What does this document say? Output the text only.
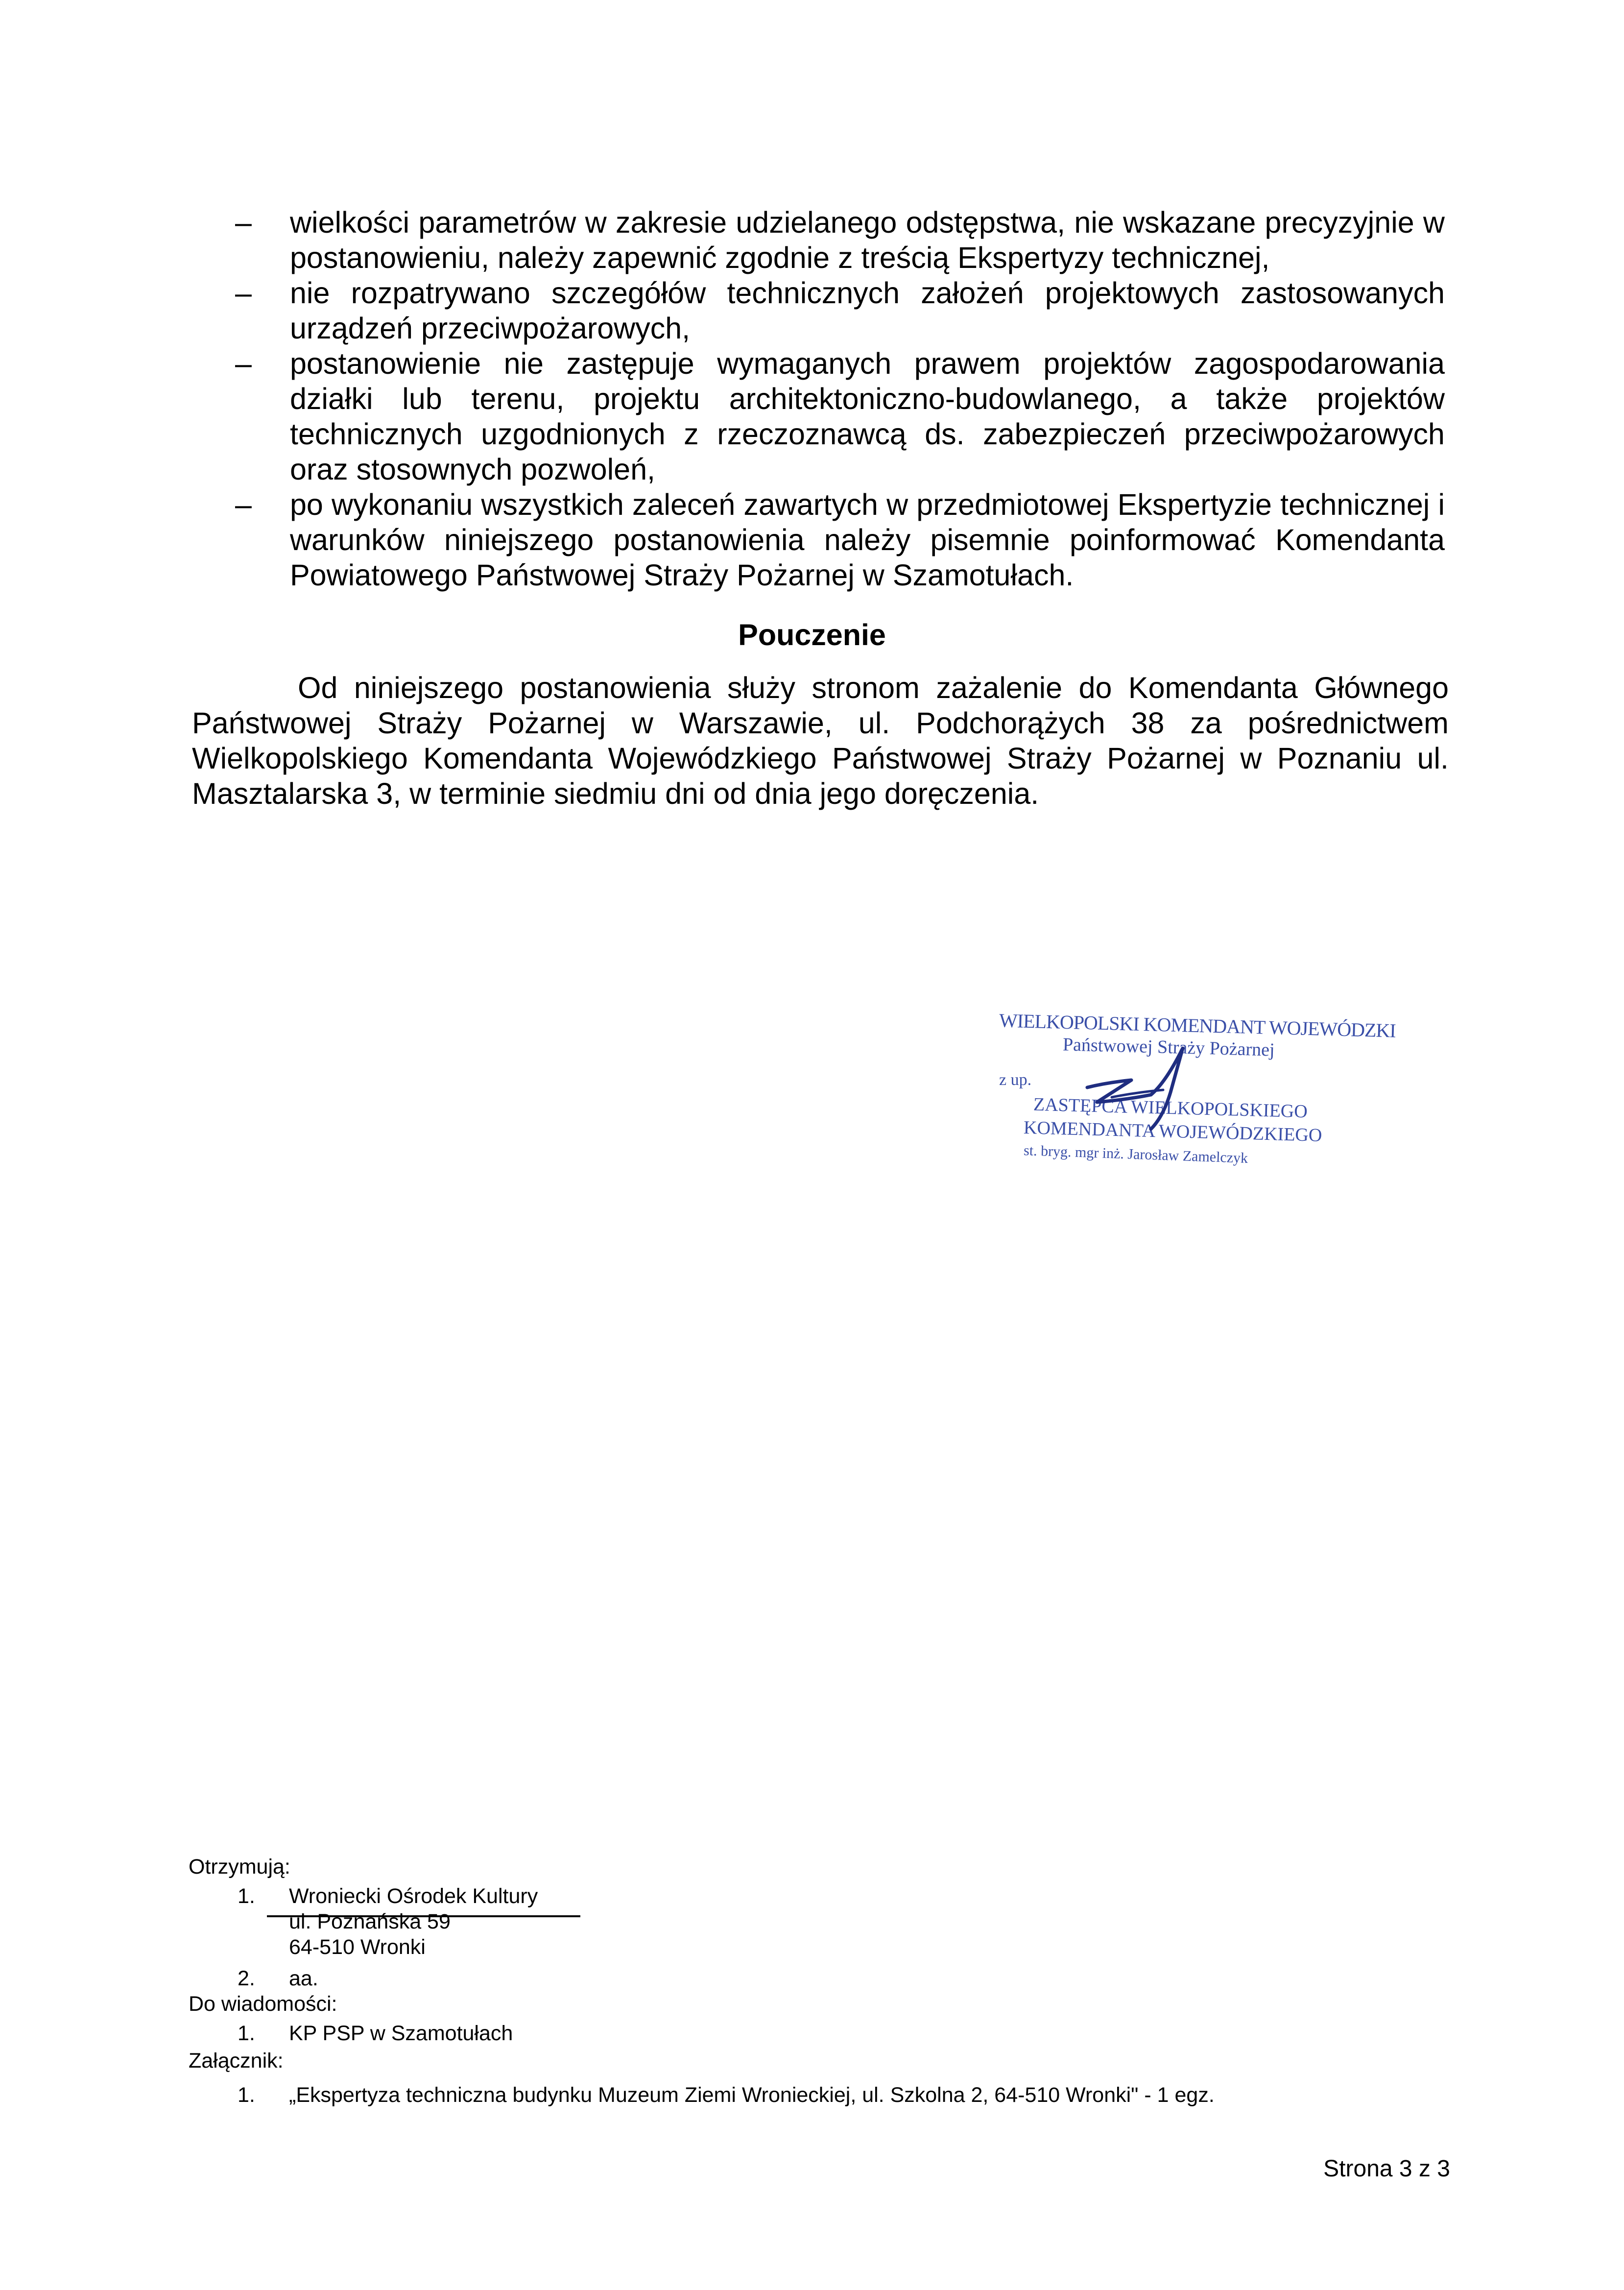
– wielkości parametrów w zakresie udzielanego odstępstwa, nie wskazane precyzyjnie w postanowieniu, należy zapewnić zgodnie z treścią Ekspertyzy technicznej,
– nie rozpatrywano szczegółów technicznych założeń projektowych zastosowanych urządzeń przeciwpożarowych,
– postanowienie nie zastępuje wymaganych prawem projektów zagospodarowania działki lub terenu, projektu architektoniczno-budowlanego, a także projektów technicznych uzgodnionych z rzeczoznawcą ds. zabezpieczeń przeciwpożarowych oraz stosownych pozwoleń,
– po wykonaniu wszystkich zaleceń zawartych w przedmiotowej Ekspertyzie technicznej i warunków niniejszego postanowienia należy pisemnie poinformować Komendanta Powiatowego Państwowej Straży Pożarnej w Szamotułach.
Pouczenie
Od niniejszego postanowienia służy stronom zażalenie do Komendanta Głównego Państwowej Straży Pożarnej w Warszawie, ul. Podchorążych 38 za pośrednictwem Wielkopolskiego Komendanta Wojewódzkiego Państwowej Straży Pożarnej w Poznaniu ul. Masztalarska 3, w terminie siedmiu dni od dnia jego doręczenia.
WIELKOPOLSKI KOMENDANT WOJEWÓDZKI
Państwowej Straży Pożarnej
z up.
ZASTĘPCA WIELKOPOLSKIEGO
KOMENDANTA WOJEWÓDZKIEGO
st. bryg. mgr inż. Jarosław Zamelczyk
Otrzymują:
1. Wroniecki Ośrodek Kultury
ul. Poznańska 59
64-510 Wronki
2. aa.
Do wiadomości:
1. KP PSP w Szamotułach
Załącznik:
1. „Ekspertyza techniczna budynku Muzeum Ziemi Wronieckiej, ul. Szkolna 2, 64-510 Wronki" - 1 egz.
Strona 3 z 3
